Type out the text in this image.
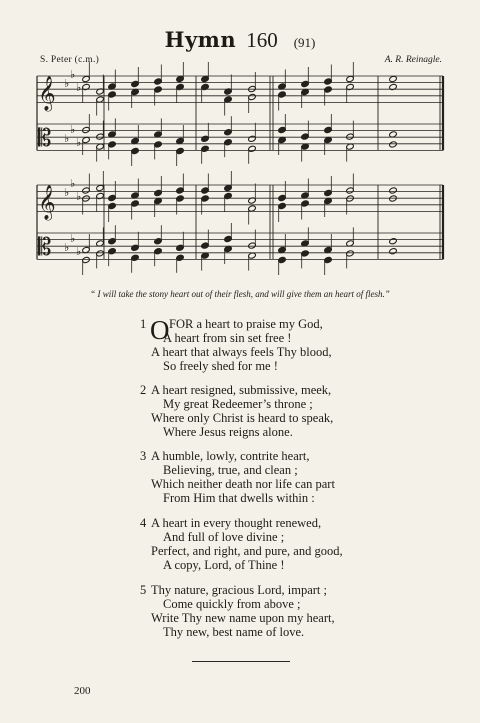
Hymn 160 (91)
S. Peter (c.m.)	A. R. Reinagle.
𝄞
𝄡
♭
♭
♭
♭
♭
♭
𝄞
𝄡
♭
♭
♭
♭
♭
♭
“ I will take the stony heart out of their flesh, and will give them an heart of flesh.”
1 O FOR a heart to praise my God,
A heart from sin set free !
A heart that always feels Thy blood,
So freely shed for me !
2 A heart resigned, submissive, meek,
My great Redeemer’s throne ;
Where only Christ is heard to speak,
Where Jesus reigns alone.
3 A humble, lowly, contrite heart,
Believing, true, and clean ;
Which neither death nor life can part
From Him that dwells within :
4 A heart in every thought renewed,
And full of love divine ;
Perfect, and right, and pure, and good,
A copy, Lord, of Thine !
5 Thy nature, gracious Lord, impart ;
Come quickly from above ;
Write Thy new name upon my heart,
Thy new, best name of love.
200
